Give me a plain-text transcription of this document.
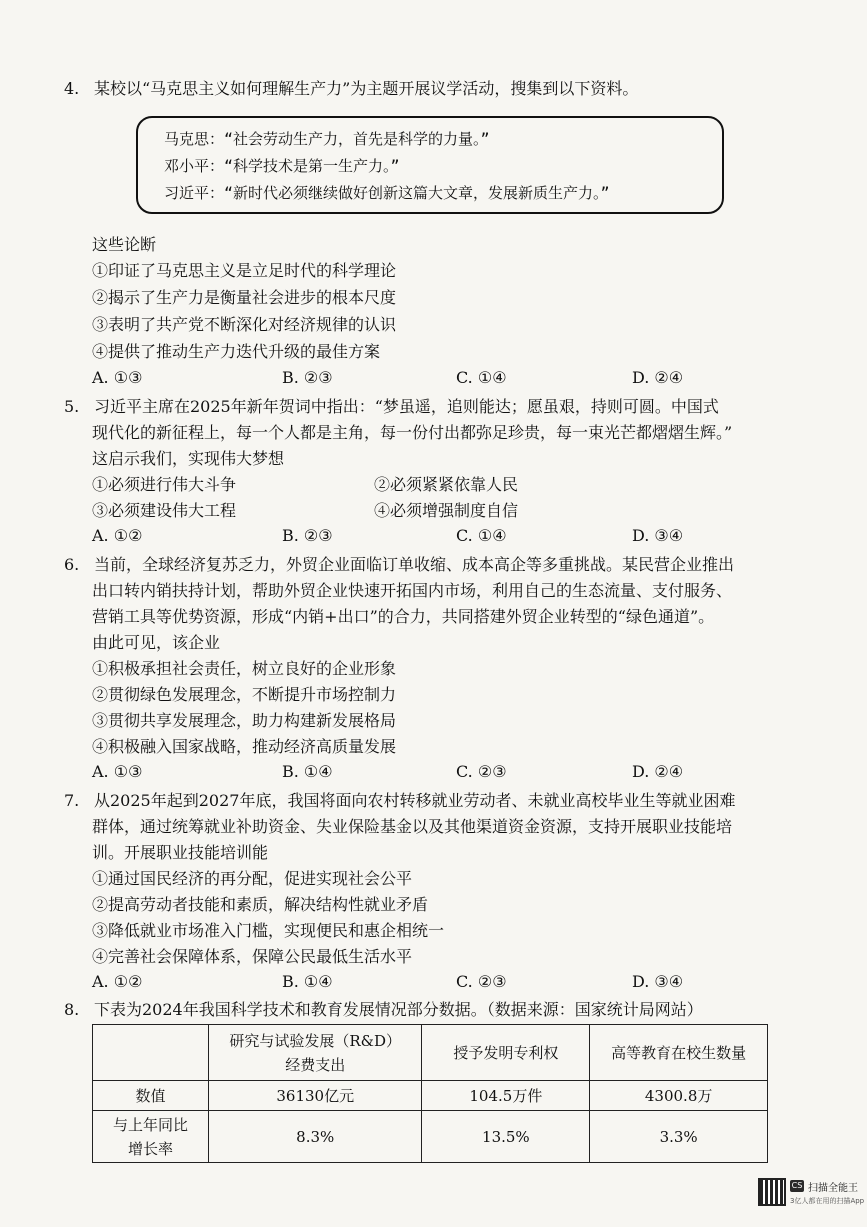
4. 某校以“马克思主义如何理解生产力”为主题开展议学活动，搜集到以下资料。
马克思：“社会劳动生产力，首先是科学的力量。”
邓小平：“科学技术是第一生产力。”
习近平：“新时代必须继续做好创新这篇大文章，发展新质生产力。”
这些论断
①印证了马克思主义是立足时代的科学理论
②揭示了生产力是衡量社会进步的根本尺度
③表明了共产党不断深化对经济规律的认识
④提供了推动生产力迭代升级的最佳方案
A. ①③	B. ②③	C. ①④	D. ②④
5. 习近平主席在2025年新年贺词中指出：“梦虽遥，追则能达；愿虽艰，持则可圆。中国式
现代化的新征程上，每一个人都是主角，每一份付出都弥足珍贵，每一束光芒都熠熠生辉。”
这启示我们，实现伟大梦想
①必须进行伟大斗争	②必须紧紧依靠人民
③必须建设伟大工程	④必须增强制度自信
A. ①②	B. ②③	C. ①④	D. ③④
6. 当前，全球经济复苏乏力，外贸企业面临订单收缩、成本高企等多重挑战。某民营企业推出
出口转内销扶持计划，帮助外贸企业快速开拓国内市场，利用自己的生态流量、支付服务、
营销工具等优势资源，形成“内销+出口”的合力，共同搭建外贸企业转型的“绿色通道”。
由此可见，该企业
①积极承担社会责任，树立良好的企业形象
②贯彻绿色发展理念，不断提升市场控制力
③贯彻共享发展理念，助力构建新发展格局
④积极融入国家战略，推动经济高质量发展
A. ①③	B. ①④	C. ②③	D. ②④
7. 从2025年起到2027年底，我国将面向农村转移就业劳动者、未就业高校毕业生等就业困难
群体，通过统筹就业补助资金、失业保险基金以及其他渠道资金资源，支持开展职业技能培
训。开展职业技能培训能
①通过国民经济的再分配，促进实现社会公平
②提高劳动者技能和素质，解决结构性就业矛盾
③降低就业市场准入门槛，实现便民和惠企相统一
④完善社会保障体系，保障公民最低生活水平
A. ①②	B. ①④	C. ②③	D. ③④
8. 下表为2024年我国科学技术和教育发展情况部分数据。（数据来源：国家统计局网站）
	研究与试验发展（R&D）
经费支出	授予发明专利权	高等教育在校生数量
数值	36130亿元	104.5万件	4300.8万
与上年同比
增长率	8.3%	13.5%	3.3%
CS 扫描全能王
3亿人都在用的扫描App
